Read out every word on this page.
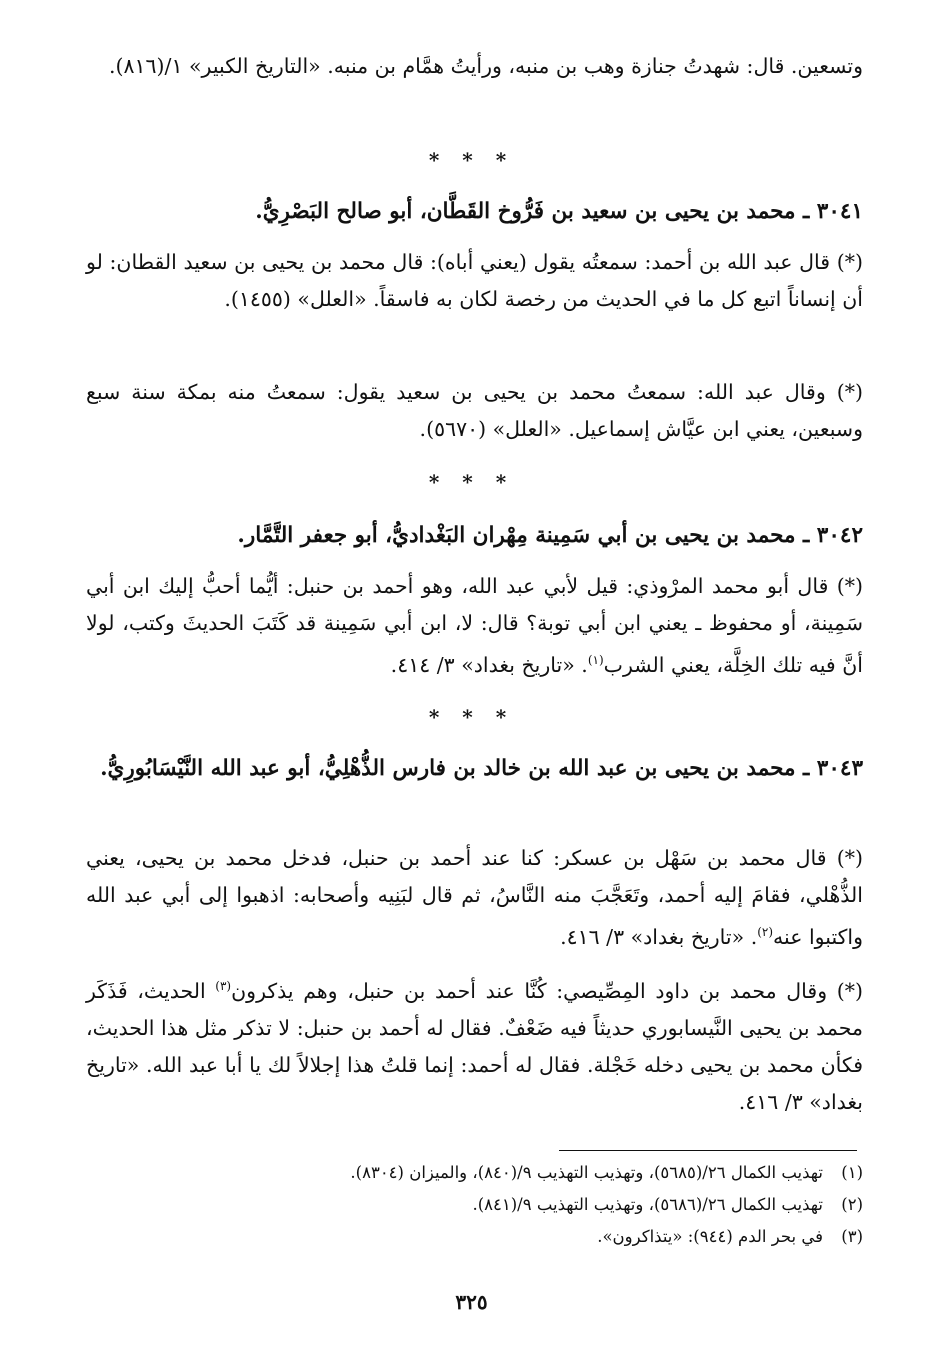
وتسعين. قال: شهدتُ جنازة وهب بن منبه، ورأيتُ همَّام بن منبه. «التاريخ الكبير» ١/(٨١٦).
* * *
٣٠٤١ ـ محمد بن يحيى بن سعيد بن فَرُّوخ القَطَّان، أبو صالح البَصْرِيُّ.
(*) قال عبد الله بن أحمد: سمعتُه يقول (يعني أباه): قال محمد بن يحيى بن سعيد القطان: لو أن إنساناً اتبع كل ما في الحديث من رخصة لكان به فاسقاً. «العلل» (١٤٥٥).
(*) وقال عبد الله: سمعتُ محمد بن يحيى بن سعيد يقول: سمعتُ منه بمكة سنة سبع وسبعين، يعني ابن عيَّاش إسماعيل. «العلل» (٥٦٧٠).
* * *
٣٠٤٢ ـ محمد بن يحيى بن أبي سَمِينة مِهْران البَغْداديُّ، أبو جعفر التَّمَّار.
(*) قال أبو محمد المرْوذي: قيل لأبي عبد الله، وهو أحمد بن حنبل: أيُّما أحبُّ إليك ابن أبي سَمِينة، أو محفوظ ـ يعني ابن أبي توبة؟ قال: لا، ابن أبي سَمِينة قد كَتَبَ الحديثَ وكتب، لولا أنَّ فيه تلك الخِلَّة، يعني الشرب$^{(١)}$. «تاريخ بغداد» ٣/ ٤١٤.
* * *
٣٠٤٣ ـ محمد بن يحيى بن عبد الله بن خالد بن فارس الذُّهْلِيُّ، أبو عبد الله النَّيْسَابُورِيُّ.
(*) قال محمد بن سَهْل بن عسكر: كنا عند أحمد بن حنبل، فدخل محمد بن يحيى، يعني الذُّهْلي، فقامَ إليه أحمد، وتَعَجَّبَ منه النَّاسُ، ثم قال لبَنِيه وأصحابه: اذهبوا إلى أبي عبد الله واكتبوا عنه$^{(٢)}$. «تاريخ بغداد» ٣/ ٤١٦.
(*) وقال محمد بن داود المِصِّيصي: كُنَّا عند أحمد بن حنبل، وهم يذكرون$^{(٣)}$ الحديث، فَذَكَر محمد بن يحيى النَّيسابوري حديثاً فيه ضَعْفٌ. فقال له أحمد بن حنبل: لا تذكر مثل هذا الحديث، فكأن محمد بن يحيى دخله خَجْلة. فقال له أحمد: إنما قلتُ هذا إجلالاً لك يا أبا عبد الله. «تاريخ بغداد» ٣/ ٤١٦.
(١)تهذيب الكمال ٢٦/(٥٦٨٥)، وتهذيب التهذيب ٩/(٨٤٠)، والميزان (٨٣٠٤).
(٢)تهذيب الكمال ٢٦/(٥٦٨٦)، وتهذيب التهذيب ٩/(٨٤١).
(٣)في بحر الدم (٩٤٤): «يتذاكرون».
٣٢٥
